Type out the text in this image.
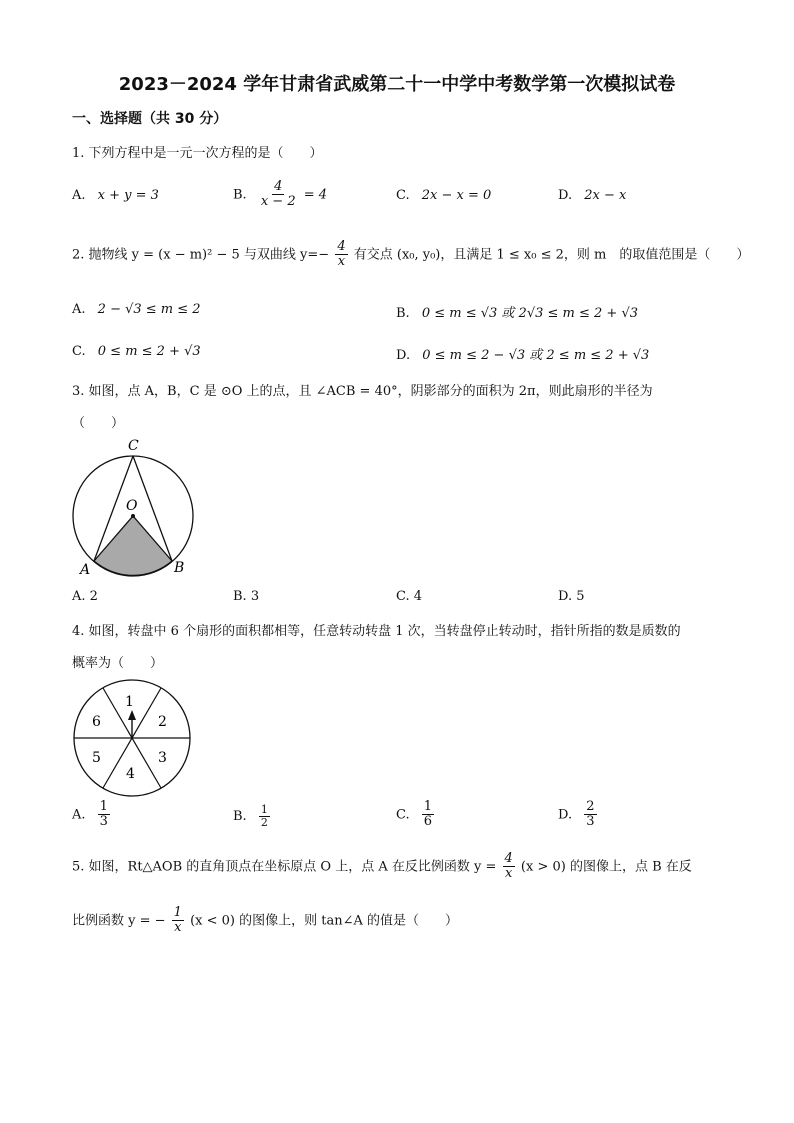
2023－2024 学年甘肃省武威第二十一中学中考数学第一次模拟试卷
一、选择题（共 30 分）
1. 下列方程中是一元一次方程的是（　　）
A. x + y = 3	B. $\frac{4}{x - 2} = 4$	C. 2x − x = 0	D. 2x − x
2. 抛物线 y = (x − m)² − 5 与双曲线 $y=- \frac{4}{x}$ 有交点 (x₀, y₀)，且满足 1 ≤ x₀ ≤ 2，则 m　的取值范围是（　　）
A. 2 − √3 ≤ m ≤ 2	B. 0 ≤ m ≤ √3 或 2√3 ≤ m ≤ 2 + √3
C. 0 ≤ m ≤ 2 + √3	D. 0 ≤ m ≤ 2 − √3 或 2 ≤ m ≤ 2 + √3
3. 如图，点 A，B，C 是 ⊙O 上的点，且 ∠ACB = 40°，阴影部分的面积为 2π，则此扇形的半径为
（　　）
C
O
A	B
A. 2	B. 3	C. 4	D. 5
4. 如图，转盘中 6 个扇形的面积都相等，任意转动转盘 1 次，当转盘停止转动时，指针所指的数是质数的
概率为（　　）
1
2
3
4
5
6
A. $\frac{1}{3}$	B. $\frac{1}{2}$	C. $\frac{1}{6}$	D. $\frac{2}{3}$
5. 如图，Rt△AOB 的直角顶点在坐标原点 O 上，点 A 在反比例函数 $y = \frac{4}{x} (x > 0)$ 的图像上，点 B 在反
比例函数 y = − $\frac{1}{x} (x < 0)$ 的图像上，则 tan∠A 的值是（　　）
